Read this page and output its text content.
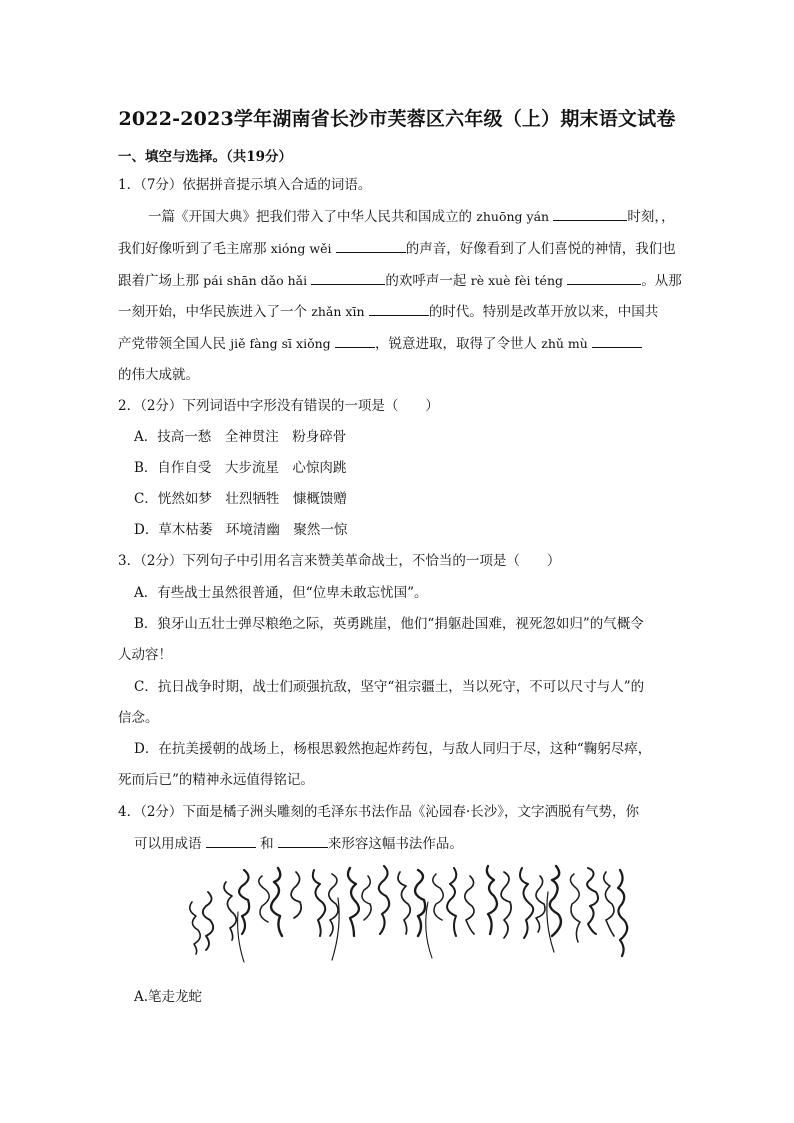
2022-2023学年湖南省长沙市芙蓉区六年级（上）期末语文试卷
一、填空与选择。（共19分）
1．（7分）依据拼音提示填入合适的词语。
一篇《开国大典》把我们带入了中华人民共和国成立的 zhuōng yán	时刻，，
我们好像听到了毛主席那 xióng wěi	的声音，好像看到了人们喜悦的神情，我们也
跟着广场上那 pái shān dǎo hǎi	的欢呼声一起 rè xuè fèi téng	。从那
一刻开始，中华民族进入了一个 zhǎn xīn	的时代。特别是改革开放以来，中国共
产党带领全国人民 jiě fàng sī xiǒng	，锐意进取，取得了令世人 zhǔ mù
的伟大成就。
2．（2分）下列词语中字形没有错误的一项是（　　）
A．技高一愁　全神贯注　粉身碎骨
B．自作自受　大步流星　心惊肉跳
C．恍然如梦　壮烈牺牲　慷概馈赠
D．草木枯萎　环境清幽　聚然一惊
3．（2分）下列句子中引用名言来赞美革命战士，不恰当的一项是（　　）
A．有些战士虽然很普通，但“位卑未敢忘忧国”。
B．狼牙山五壮士弹尽粮绝之际，英勇跳崖，他们“捐躯赴国难，视死忽如归”的气概令
人动容！
C．抗日战争时期，战士们顽强抗敌，坚守“祖宗疆土，当以死守，不可以尺寸与人”的
信念。
D．在抗美援朝的战场上，杨根思毅然抱起炸药包，与敌人同归于尽，这种“鞠躬尽瘁，
死而后已”的精神永远值得铭记。
4．（2分）下面是橘子洲头雕刻的毛泽东书法作品《沁园春·长沙》，文字洒脱有气势，你
可以用成语	和	来形容这幅书法作品。
A.笔走龙蛇
